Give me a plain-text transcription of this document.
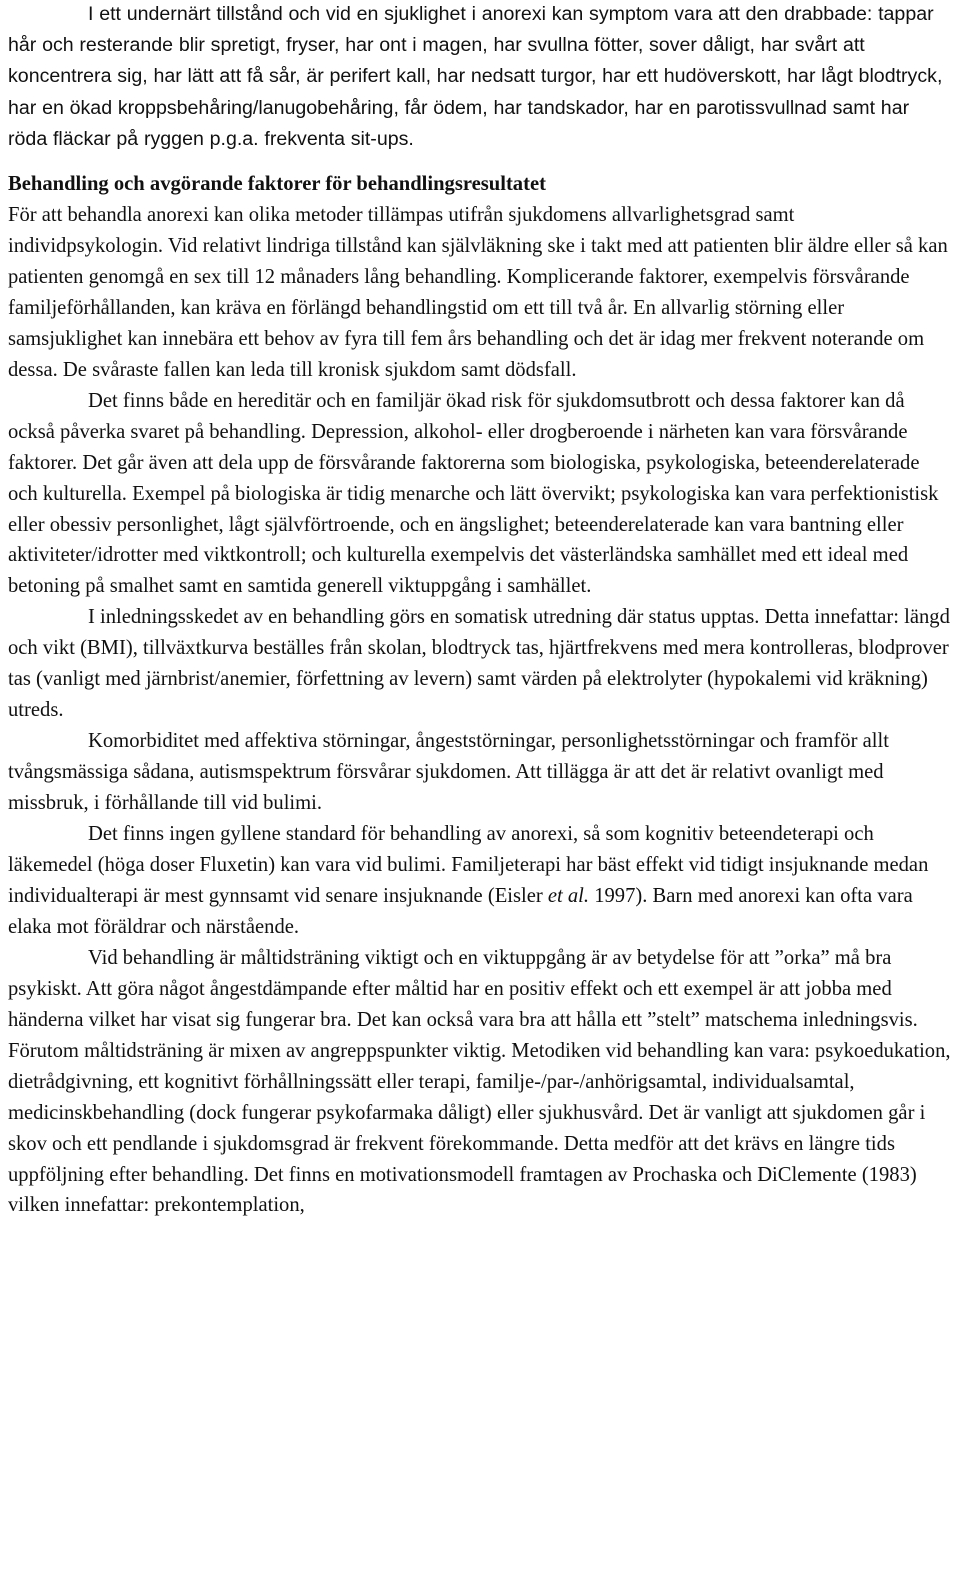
I ett undernärt tillstånd och vid en sjuklighet i anorexi kan symptom vara att den drabbade: tappar hår och resterande blir spretigt, fryser, har ont i magen, har svullna fötter, sover dåligt, har svårt att koncentrera sig, har lätt att få sår, är perifert kall, har nedsatt turgor, har ett hudöverskott, har lågt blodtryck, har en ökad kroppsbehåring/lanugobehåring, får ödem, har tandskador, har en parotissvullnad samt har röda fläckar på ryggen p.g.a. frekventa sit-ups.

Behandling och avgörande faktorer för behandlingsresultatet

För att behandla anorexi kan olika metoder tillämpas utifrån sjukdomens allvarlighetsgrad samt individpsykologin. Vid relativt lindriga tillstånd kan självläkning ske i takt med att patienten blir äldre eller så kan patienten genomgå en sex till 12 månaders lång behandling. Komplicerande faktorer, exempelvis försvårande familjeförhållanden, kan kräva en förlängd behandlingstid om ett till två år. En allvarlig störning eller samsjuklighet kan innebära ett behov av fyra till fem års behandling och det är idag mer frekvent noterande om dessa. De svåraste fallen kan leda till kronisk sjukdom samt dödsfall.

Det finns både en hereditär och en familjär ökad risk för sjukdomsutbrott och dessa faktorer kan då också påverka svaret på behandling. Depression, alkohol- eller drogberoende i närheten kan vara försvårande faktorer. Det går även att dela upp de försvårande faktorerna som biologiska, psykologiska, beteenderelaterade och kulturella. Exempel på biologiska är tidig menarche och lätt övervikt; psykologiska kan vara perfektionistisk eller obessiv personlighet, lågt självförtroende, och en ängslighet; beteenderelaterade kan vara bantning eller aktiviteter/idrotter med viktkontroll; och kulturella exempelvis det västerländska samhället med ett ideal med betoning på smalhet samt en samtida generell viktuppgång i samhället.

I inledningsskedet av en behandling görs en somatisk utredning där status upptas. Detta innefattar: längd och vikt (BMI), tillväxtkurva beställes från skolan, blodtryck tas, hjärtfrekvens med mera kontrolleras, blodprover tas (vanligt med järnbrist/anemier, förfettning av levern) samt värden på elektrolyter (hypokalemi vid kräkning) utreds.

Komorbiditet med affektiva störningar, ångeststörningar, personlighetsstörningar och framför allt tvångsmässiga sådana, autismspektrum försvårar sjukdomen. Att tillägga är att det är relativt ovanligt med missbruk, i förhållande till vid bulimi.

Det finns ingen gyllene standard för behandling av anorexi, så som kognitiv beteendeterapi och läkemedel (höga doser Fluxetin) kan vara vid bulimi. Familjeterapi har bäst effekt vid tidigt insjuknande medan individualterapi är mest gynnsamt vid senare insjuknande (Eisler et al. 1997). Barn med anorexi kan ofta vara elaka mot föräldrar och närstående.

Vid behandling är måltidsträning viktigt och en viktuppgång är av betydelse för att ”orka” må bra psykiskt. Att göra något ångestdämpande efter måltid har en positiv effekt och ett exempel är att jobba med händerna vilket har visat sig fungerar bra. Det kan också vara bra att hålla ett ”stelt” matschema inledningsvis. Förutom måltidsträning är mixen av angreppspunkter viktig. Metodiken vid behandling kan vara: psykoedukation, dietrådgivning, ett kognitivt förhållningssätt eller terapi, familje-/par-/anhörigsamtal, individualsamtal, medicinskbehandling (dock fungerar psykofarmaka dåligt) eller sjukhusvård. Det är vanligt att sjukdomen går i skov och ett pendlande i sjukdomsgrad är frekvent förekommande. Detta medför att det krävs en längre tids uppföljning efter behandling. Det finns en motivationsmodell framtagen av Prochaska och DiClemente (1983) vilken innefattar: prekontemplation,
